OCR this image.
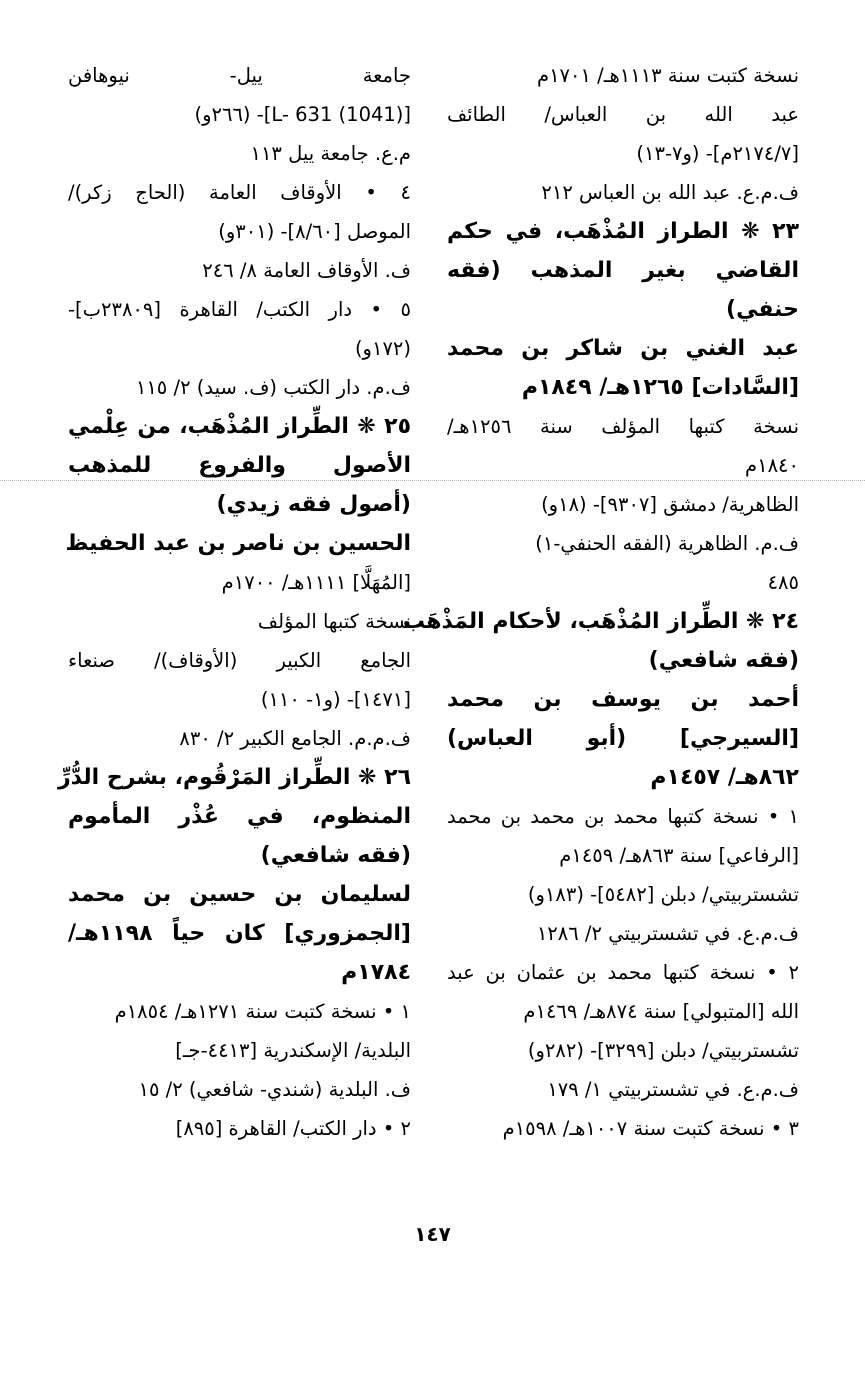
نسخة كتبت سنة ١١١٣هـ/ ١٧٠١م
عبد الله بن العباس/ الطائف
[٢١٧٤/٧م]- (و٧-١٣)
ف.م.ع. عبد الله بن العباس ٢١٢
٢٣ ❋ الطراز المُذْهَب، في حكم
القاضي بغير المذهب (فقه
حنفي)
عبد الغني بن شاكر بن محمد
[السَّادات] ١٢٦٥هـ/ ١٨٤٩م
نسخة كتبها المؤلف سنة ١٢٥٦هـ/
١٨٤٠م
الظاهرية/ دمشق [٩٣٠٧]- (١٨و)
ف.م. الظاهرية (الفقه الحنفي-١)
٤٨٥
٢٤ ❋ الطِّراز المُذْهَب، لأحكام المَذْهَب
(فقه شافعي)
أحمد بن يوسف بن محمد
[السيرجي] (أبو العباس)
٨٦٢هـ/ ١٤٥٧م
١ • نسخة كتبها محمد بن محمد بن محمد
[الرفاعي] سنة ٨٦٣هـ/ ١٤٥٩م
تشستربيتي/ دبلن [٥٤٨٢]- (١٨٣و)
ف.م.ع. في تشستربيتي ٢/ ١٢٨٦
٢ • نسخة كتبها محمد بن عثمان بن عبد
الله [المتبولي] سنة ٨٧٤هـ/ ١٤٦٩م
تشستربيتي/ دبلن [٣٢٩٩]- (٢٨٢و)
ف.م.ع. في تشستربيتي ١/ ١٧٩
٣ • نسخة كتبت سنة ١٠٠٧هـ/ ١٥٩٨م
جامعة ييل- نيوهافن
[L- 631 (1041)]- (٢٦٦و)
م.ع. جامعة ييل ١١٣
٤ • الأوقاف العامة (الحاج زكر)/
الموصل [٨/٦٠]- (٣٠١و)
ف. الأوقاف العامة ٨/ ٢٤٦
٥ • دار الكتب/ القاهرة [٢٣٨٠٩ب]-
(١٧٢و)
ف.م. دار الكتب (ف. سيد) ٢/ ١١٥
٢٥ ❋ الطِّراز المُذْهَب، من عِلْمي
الأصول والفروع للمذهب
(أصول فقه زيدي)
الحسين بن ناصر بن عبد الحفيظ
[المُهَلَّا] ١١١١هـ/ ١٧٠٠م
نسخة كتبها المؤلف
الجامع الكبير (الأوقاف)/ صنعاء
[١٤٧١]- (و١- ١١٠)
ف.م.م. الجامع الكبير ٢/ ٨٣٠
٢٦ ❋ الطِّراز المَرْقُوم، بشرح الدُّرِّ
المنظوم، في عُذْر المأموم
(فقه شافعي)
لسليمان بن حسين بن محمد
[الجمزوري] كان حياً ١١٩٨هـ/
١٧٨٤م
١ • نسخة كتبت سنة ١٢٧١هـ/ ١٨٥٤م
البلدية/ الإسكندرية [٤٤١٣-جـ]
ف. البلدية (شندي- شافعي) ٢/ ١٥
٢ • دار الكتب/ القاهرة [٨٩٥]
١٤٧
